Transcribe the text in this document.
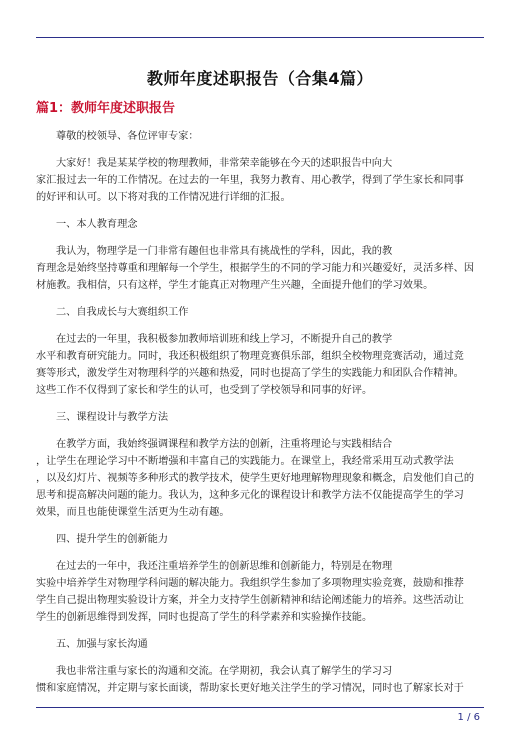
教师年度述职报告（合集4篇）
篇1：教师年度述职报告

尊敬的校领导、各位评审专家：

大家好！我是某某学校的物理教师，非常荣幸能够在今天的述职报告中向大
家汇报过去一年的工作情况。在过去的一年里，我努力教育、用心教学，得到了学生家长和同事
的好评和认可。以下将对我的工作情况进行详细的汇报。

一、本人教育理念

我认为，物理学是一门非常有趣但也非常具有挑战性的学科，因此，我的教
育理念是始终坚持尊重和理解每一个学生，根据学生的不同的学习能力和兴趣爱好，灵活多样、因
材施教。我相信，只有这样，学生才能真正对物理产生兴趣，全面提升他们的学习效果。

二、自我成长与大赛组织工作

在过去的一年里，我积极参加教师培训班和线上学习，不断提升自己的教学
水平和教育研究能力。同时，我还积极组织了物理竞赛俱乐部，组织全校物理竞赛活动，通过竞
赛等形式，激发学生对物理科学的兴趣和热爱，同时也提高了学生的实践能力和团队合作精神。
这些工作不仅得到了家长和学生的认可，也受到了学校领导和同事的好评。

三、课程设计与教学方法

在教学方面，我始终强调课程和教学方法的创新，注重将理论与实践相结合
，让学生在理论学习中不断增强和丰富自己的实践能力。在课堂上，我经常采用互动式教学法
，以及幻灯片、视频等多种形式的教学技术，使学生更好地理解物理现象和概念，启发他们自己的
思考和提高解决问题的能力。我认为，这种多元化的课程设计和教学方法不仅能提高学生的学习
效果，而且也能使课堂生活更为生动有趣。

四、提升学生的创新能力

在过去的一年中，我还注重培养学生的创新思维和创新能力，特别是在物理
实验中培养学生对物理学科问题的解决能力。我组织学生参加了多项物理实验竞赛，鼓励和推荐
学生自己提出物理实验设计方案，并全力支持学生创新精神和结论阐述能力的培养。这些活动让
学生的创新思维得到发挥，同时也提高了学生的科学素养和实验操作技能。

五、加强与家长沟通

我也非常注重与家长的沟通和交流。在学期初，我会认真了解学生的学习习
惯和家庭情况，并定期与家长面谈，帮助家长更好地关注学生的学习情况，同时也了解家长对于

1 / 6
